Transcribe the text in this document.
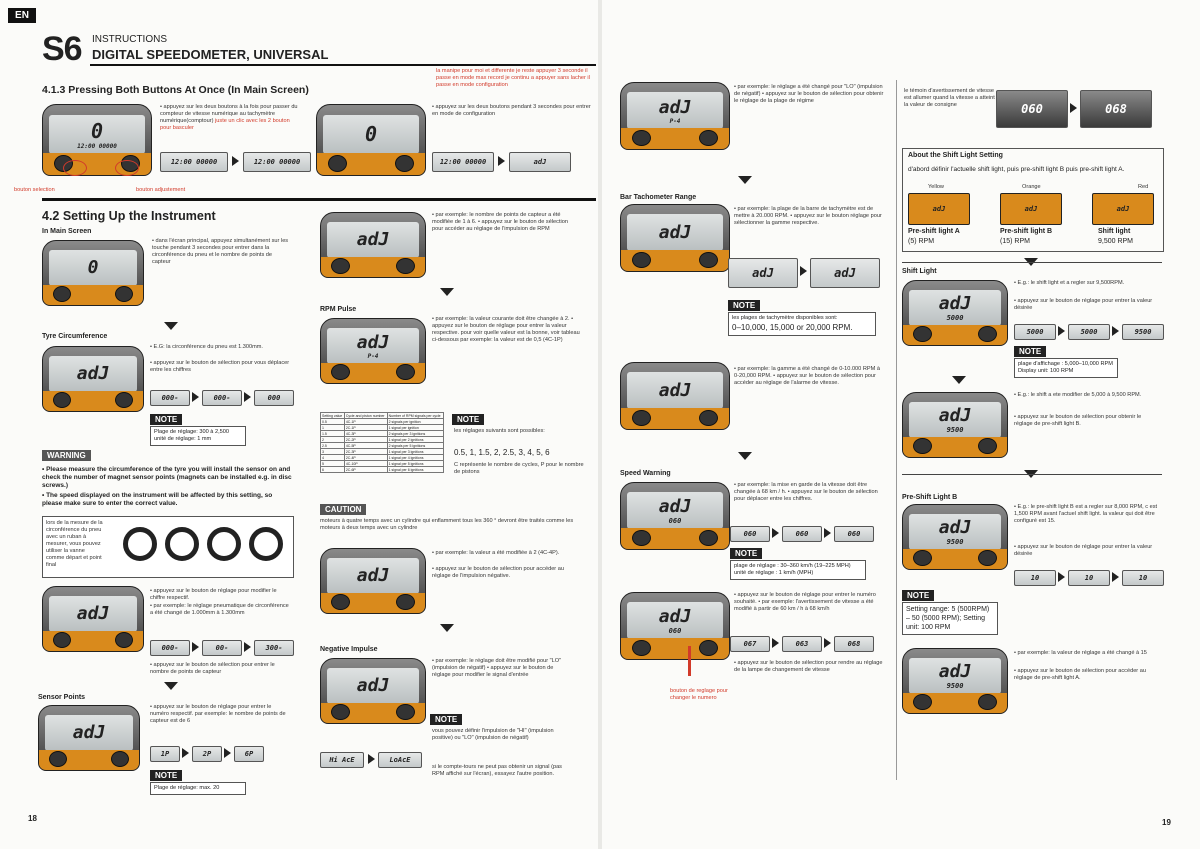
EN
S6 INSTRUCTIONS
DIGITAL SPEEDOMETER, UNIVERSAL
4.1.3 Pressing Both Buttons At Once (In Main Screen)
la manipe pour moi et differente je reste appuyer 3 seconde il passe en mode max record je continu a appuyer sans lacher il passe en mode configuration
0
12:00 00000
bouton selection	bouton adjustement
• appuyez sur les deux boutons à la fois pour passer du compteur de vitesse numérique au tachymètre numérique(comptour) juste un clic avec les 2 bouton pour basculer
12:00 00000	12:00 00000
0
• appuyez sur les deux boutons pendant 3 secondes pour entrer en mode de configuration
12:00 00000	adJ
4.2 Setting Up the Instrument
In Main Screen
0
• dans l'écran principal, appuyez simultanément sur les touche pendant 3 secondes pour entrer dans la circonférence du pneu et le nombre de points de capteur
Tyre Circumference
adJ
• E.G: la circonférence du pneu est 1.300mm.
• appuyez sur le bouton de sélection pour vous déplacer entre les chiffres
000-	000-	000
NOTE
Plage de réglage: 300 à 2,500 unité de réglage: 1 mm
WARNING
• Please measure the circumference of the tyre you will install the sensor on and check the number of magnet sensor points (magnets can be installed e.g. in disc screws.)
• The speed displayed on the instrument will be affected by this setting, so please make sure to enter the correct value.
lors de la mesure de la circonférence du pneu avec un ruban à mesurer, vous pouvez utiliser la vanne comme départ et point final
adJ
• appuyez sur le bouton de réglage pour modifier le chiffre respectif.
• par exemple: le réglage pneumatique de circonférence a été changé de 1.000mm à 1.300mm
000-	00-	300-
• appuyez sur le bouton de sélection pour entrer le nombre de points de capteur
Sensor Points
adJ
• appuyez sur le bouton de réglage pour entrer le numéro respectif. par exemple: le nombre de points de capteur est de 6
1P	2P	6P
NOTE
Plage de réglage: max. 20
adJ
• par exemple: le nombre de points de capteur a été modifiée de 1 à 6. • appuyez sur le bouton de sélection pour accéder au réglage de l'impulsion de RPM
RPM Pulse
adJ
P-4
• par exemple: la valeur courante doit être changée à 2. • appuyez sur le bouton de réglage pour entrer la valeur respective. pour voir quelle valeur est la bonne, voir tableau ci-dessous par exemple: la valeur est de 0,5 (4C-1P)
Setting value	Cycle and piston number	Number of RPM signals per cycle
0.5	4C-1P	2 signals per ignition
1	2C-1P	1 signal per ignition
1.5	4C-3P	2 signals per 3 ignitions
2	2C-2P	1 signal per 2 ignitions
2.5	4C-5P	2 signals per 5 ignitions
3	2C-3P	1 signal per 3 ignitions
4	2C-4P	1 signal per 4 ignitions
5	4C-10P	1 signal per 5 ignitions
6	2C-6P	1 signal per 6 ignitions
NOTE
les réglages suivants sont possibles:
0.5, 1, 1.5, 2, 2.5, 3, 4, 5, 6
C représente le nombre de cycles, P pour le nombre de pistons
CAUTION
moteurs à quatre temps avec un cylindre qui enflamment tous les 360 ° devront être traités comme les moteurs à deux temps avec un cylindre
adJ
• par exemple: la valeur a été modifiée à 2 (4C-4P).
• appuyez sur le bouton de sélection pour accéder au réglage de l'impulsion négative.
Negative Impulse
adJ
• par exemple: le réglage doit être modifié pour "LO" (impulsion de négatif) • appuyez sur le bouton de réglage pour modifier le signal d'entrée
NOTE
vous pouvez définir l'impulsion de "HI" (impulsion positive) ou "LO" (impulsion de négatif)
si le compte-tours ne peut pas obtenir un signal (pas RPM affiché sur l'écran), essayez l'autre position.
Hi AcE	LoAcE
18
adJ
P-4
• par exemple: le réglage a été changé pour "LO" (impulsion de négatif) • appuyez sur le bouton de sélection pour obtenir le réglage de la plage de régime
Bar Tachometer Range
adJ
• par exemple: la plage de la barre de tachymètre est de mettre à 20.000 RPM. • appuyez sur le bouton réglage pour sélectionner la gamme respective.
adJ	adJ
NOTE
les plages de tachymètre disponibles sont:
0–10,000, 15,000 or 20,000 RPM.
adJ
• par exemple: la gamme a été changé de 0-10.000 RPM à 0-20,000 RPM. • appuyez sur le bouton de sélection pour accéder au réglage de l'alarme de vitesse.
Speed Warning
adJ
060
• par exemple: la mise en garde de la vitesse doit être changée à 68 km / h. • appuyez sur le bouton de sélection pour déplacer entre les chiffres.
060	060	060
NOTE
plage de réglage : 30–360 km/h (19–225 MPH) unité de réglage : 1 km/h (MPH)
adJ
060
bouton de reglage pour changer le numero
• appuyez sur le bouton de réglage pour entrer le numéro souhaité. • par exemple: l'avertissement de vitesse a été modifié à partir de 60 km / h à 68 km/h
067	063	068
• appuyez sur le bouton de sélection pour rendre au réglage de la lampe de changement de vitesse
le témoin d'avertissement de vitesse est allumer quand la vitesse a atteint la valeur de consigne	060	068
About the Shift Light Setting
d'abord définir l'actuelle shift light, puis pre-shift light B puis pre-shift light A.
Yellow	Orange	Red
adJ	adJ	adJ
Pre-shift light A
(5) RPM
Pre-shift light B
(15) RPM
Shift light
9,500 RPM
Shift Light
adJ
5000
• E.g.: le shift light et a regler sur 9,500RPM.
• appuyez sur le bouton de réglage pour entrer la valeur désirée
5000	5000	9500
NOTE
plage d'affichage : 5,000–10,000 RPM Display unit: 100 RPM
adJ
9500
• E.g.: le shift a ete modifier de 5,000 à 9,500 RPM.
• appuyez sur le bouton de sélection pour obtenir le réglage de pre-shift light B.
Pre-Shift Light B
adJ
9500
• E.g.: le pre-shift light B est a regler sur 8,000 RPM, c est 1,500 RPM avant l'actuel shift light. la valeur qui doit être configuré est 15.
• appuyez sur le bouton de réglage pour entrer la valeur désirée
10	10	10
NOTE
Setting range: 5 (500RPM) – 50 (5000 RPM); Setting unit: 100 RPM
adJ
9500
• par exemple: la valeur de réglage a été changé à 15
• appuyez sur le bouton de sélection pour accéder au réglage de pre-shift light A.
19
